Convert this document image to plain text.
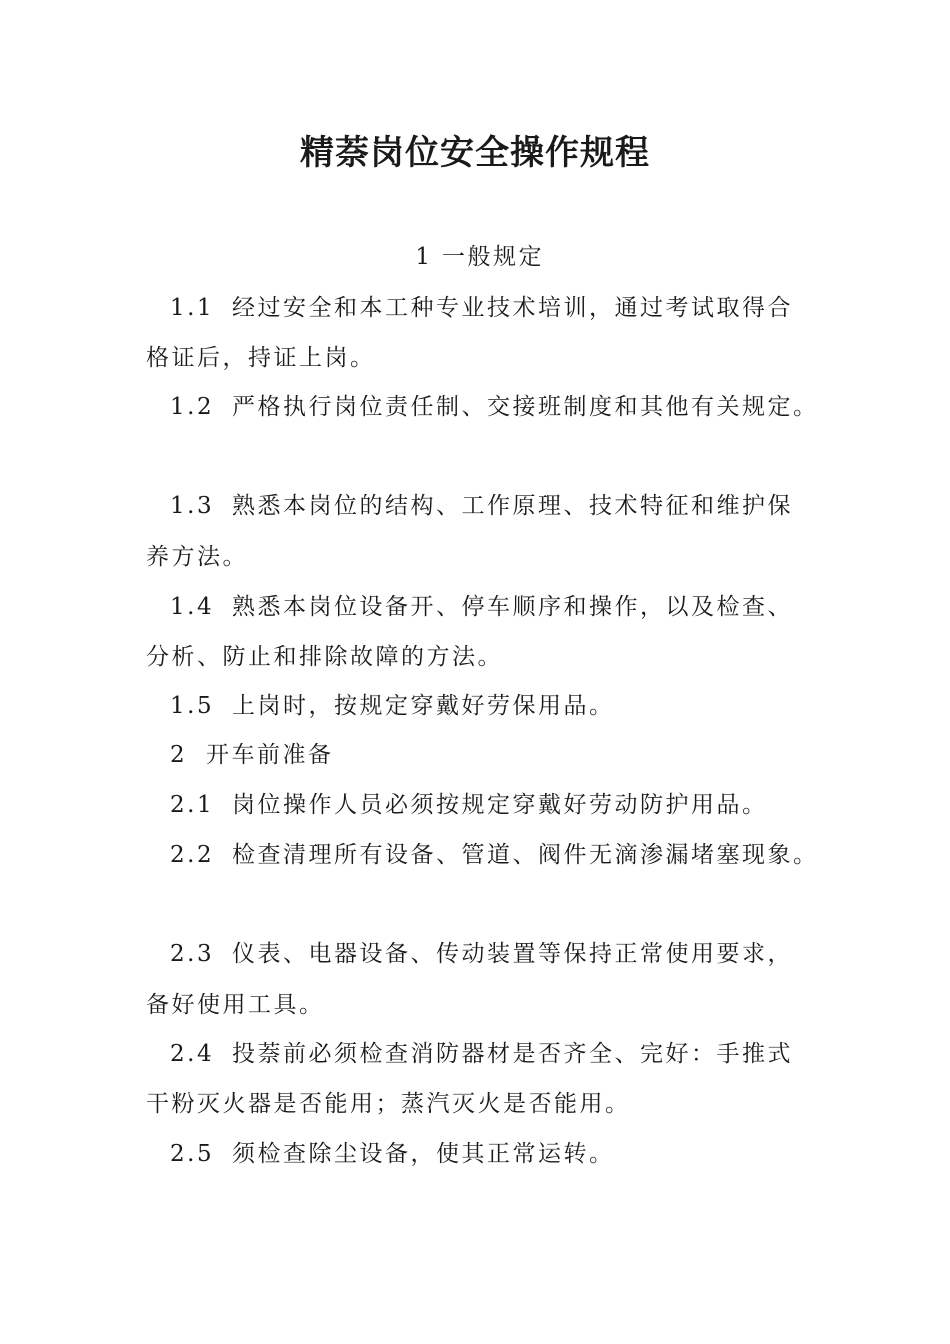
精萘岗位安全操作规程
1 一般规定
1.1 经过安全和本工种专业技术培训，通过考试取得合
格证后，持证上岗。
1.2 严格执行岗位责任制、交接班制度和其他有关规定。
1.3 熟悉本岗位的结构、工作原理、技术特征和维护保
养方法。
1.4 熟悉本岗位设备开、停车顺序和操作，以及检查、
分析、防止和排除故障的方法。
1.5 上岗时，按规定穿戴好劳保用品。
2 开车前准备
2.1 岗位操作人员必须按规定穿戴好劳动防护用品。
2.2 检查清理所有设备、管道、阀件无滴渗漏堵塞现象。
2.3 仪表、电器设备、传动装置等保持正常使用要求，
备好使用工具。
2.4 投萘前必须检查消防器材是否齐全、完好：手推式
干粉灭火器是否能用；蒸汽灭火是否能用。
2.5 须检查除尘设备，使其正常运转。
